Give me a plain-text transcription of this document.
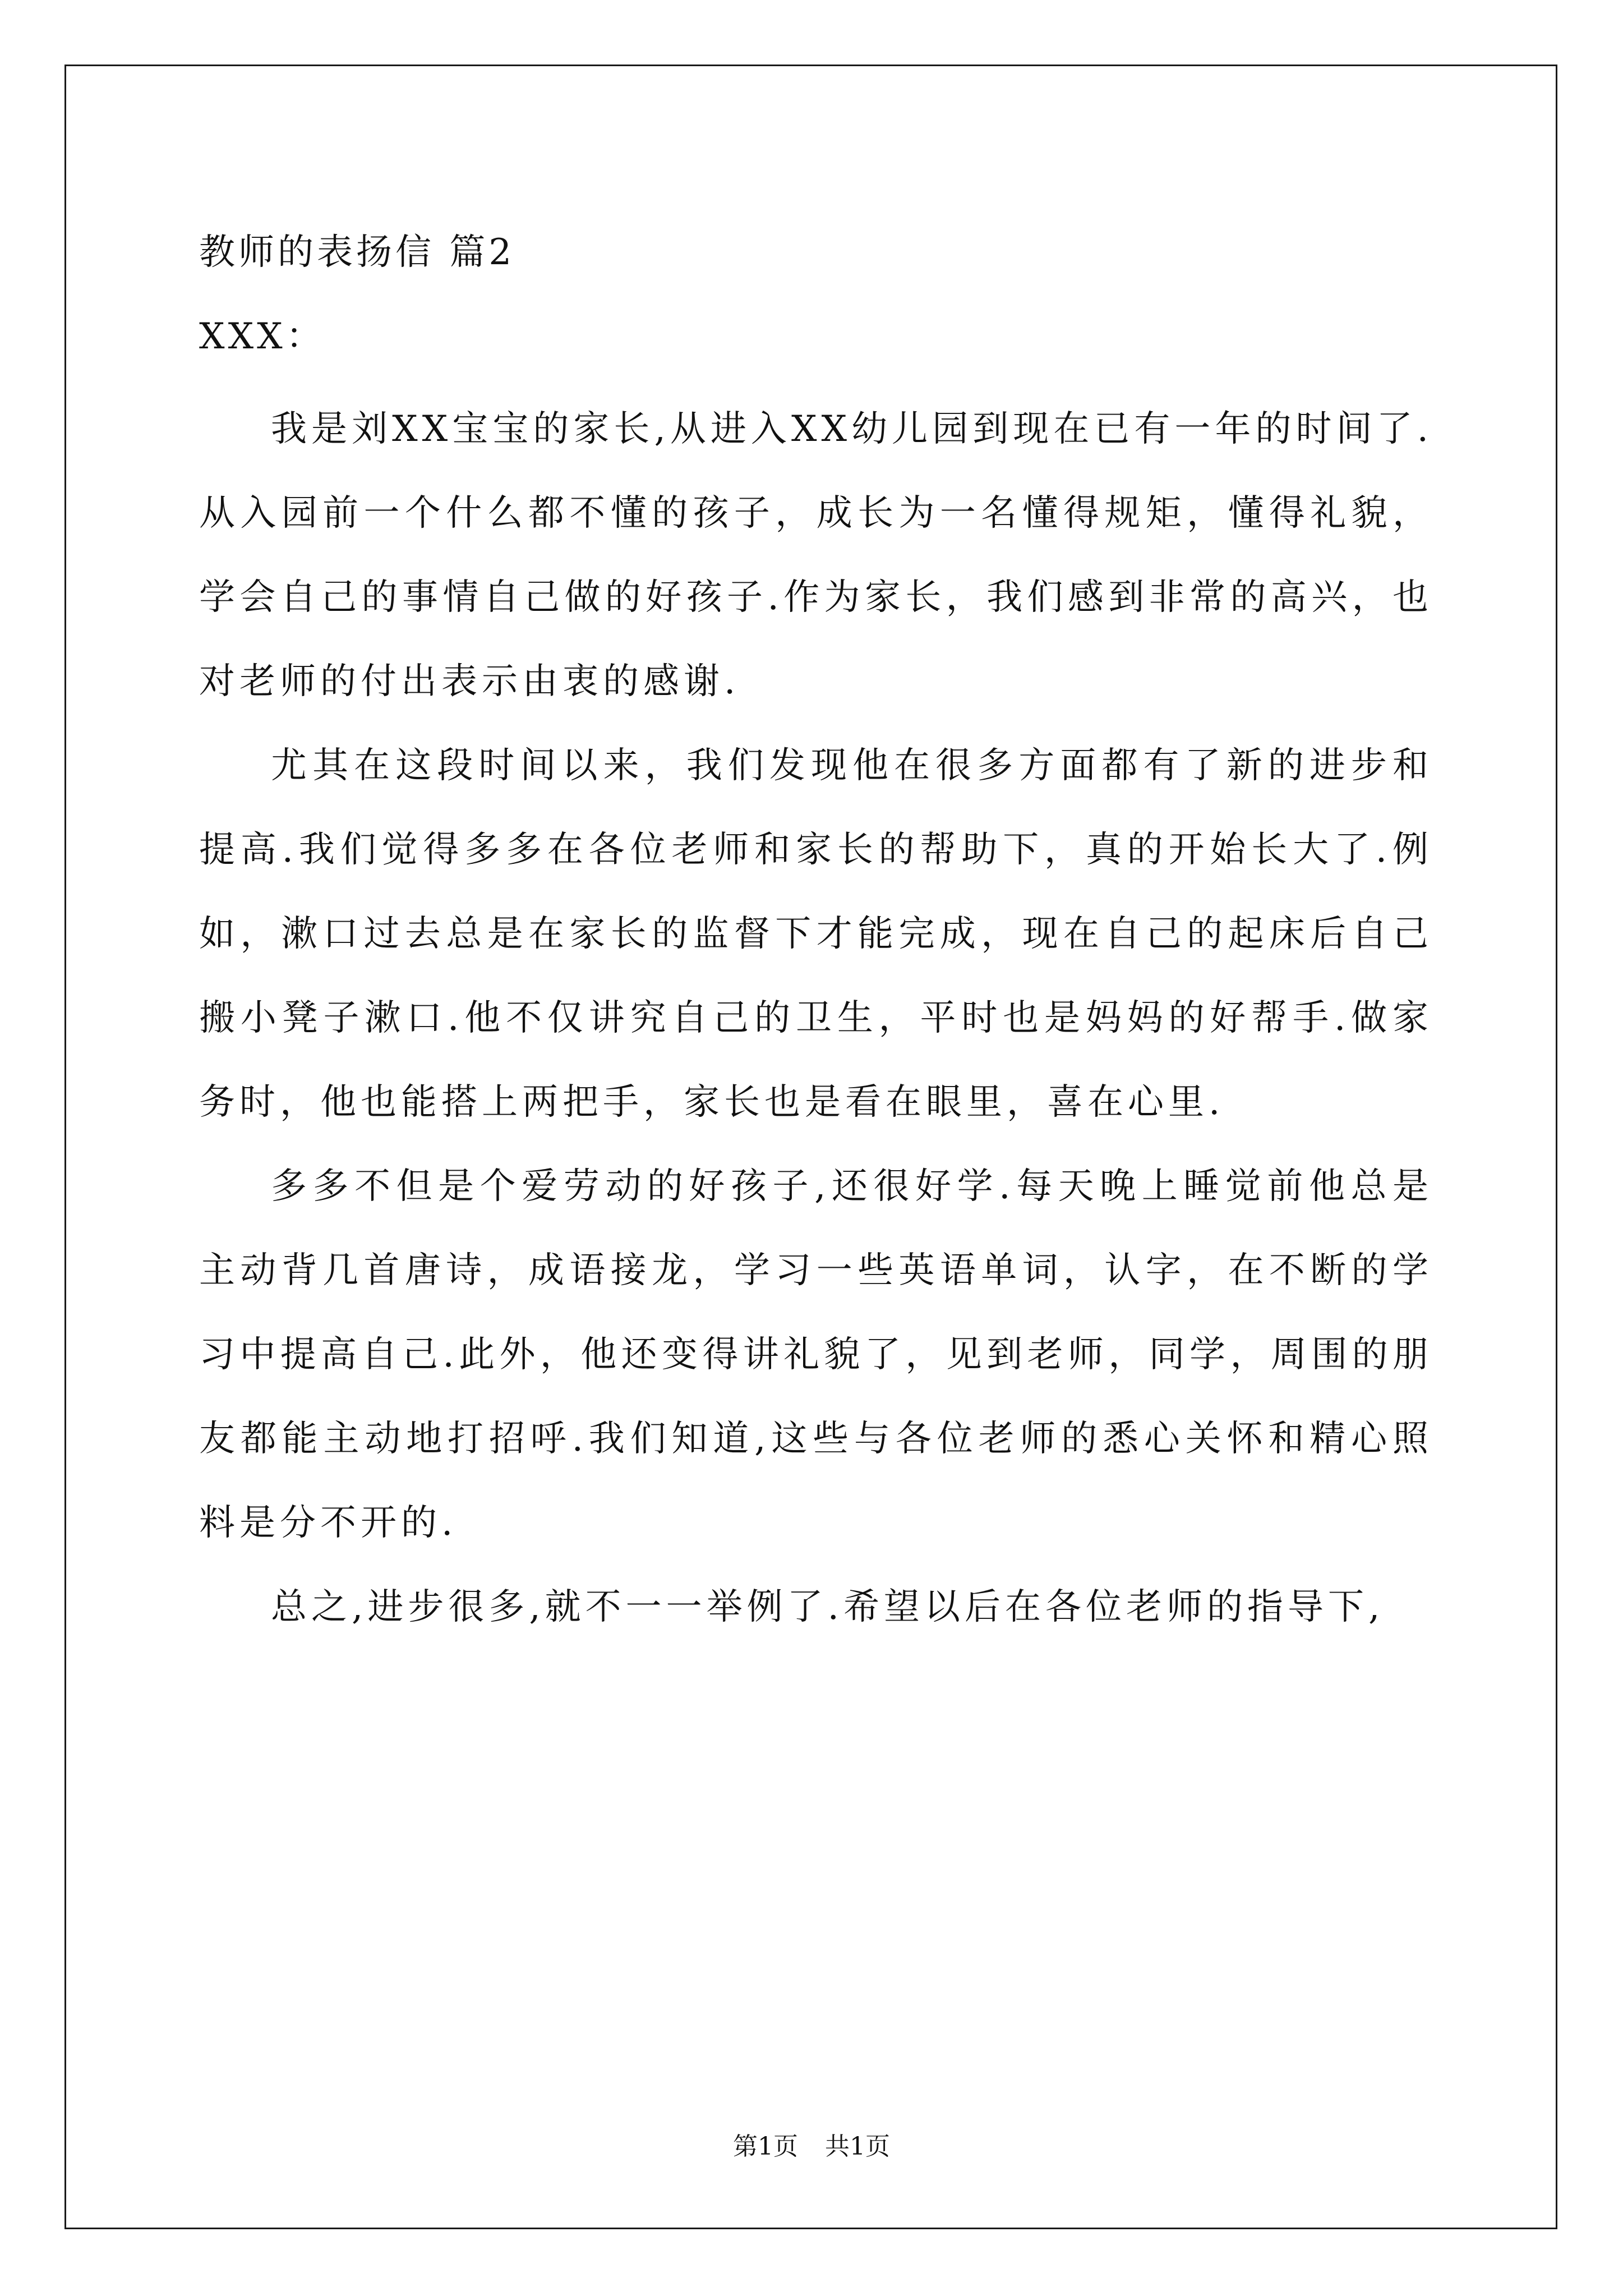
教师的表扬信 篇2

XXX：

我是刘XX宝宝的家长,从进入XX幼儿园到现在已有一年的时间了.从入园前一个什么都不懂的孩子，成长为一名懂得规矩，懂得礼貌，学会自己的事情自己做的好孩子.作为家长，我们感到非常的高兴，也对老师的付出表示由衷的感谢.

尤其在这段时间以来，我们发现他在很多方面都有了新的进步和提高.我们觉得多多在各位老师和家长的帮助下，真的开始长大了.例如，漱口过去总是在家长的监督下才能完成，现在自己的起床后自己搬小凳子漱口.他不仅讲究自己的卫生，平时也是妈妈的好帮手.做家务时，他也能搭上两把手，家长也是看在眼里，喜在心里.

多多不但是个爱劳动的好孩子,还很好学.每天晚上睡觉前他总是主动背几首唐诗，成语接龙，学习一些英语单词，认字，在不断的学习中提高自己.此外，他还变得讲礼貌了，见到老师，同学，周围的朋友都能主动地打招呼.我们知道,这些与各位老师的悉心关怀和精心照料是分不开的.

总之,进步很多,就不一一举例了.希望以后在各位老师的指导下,

第1页 共1页
